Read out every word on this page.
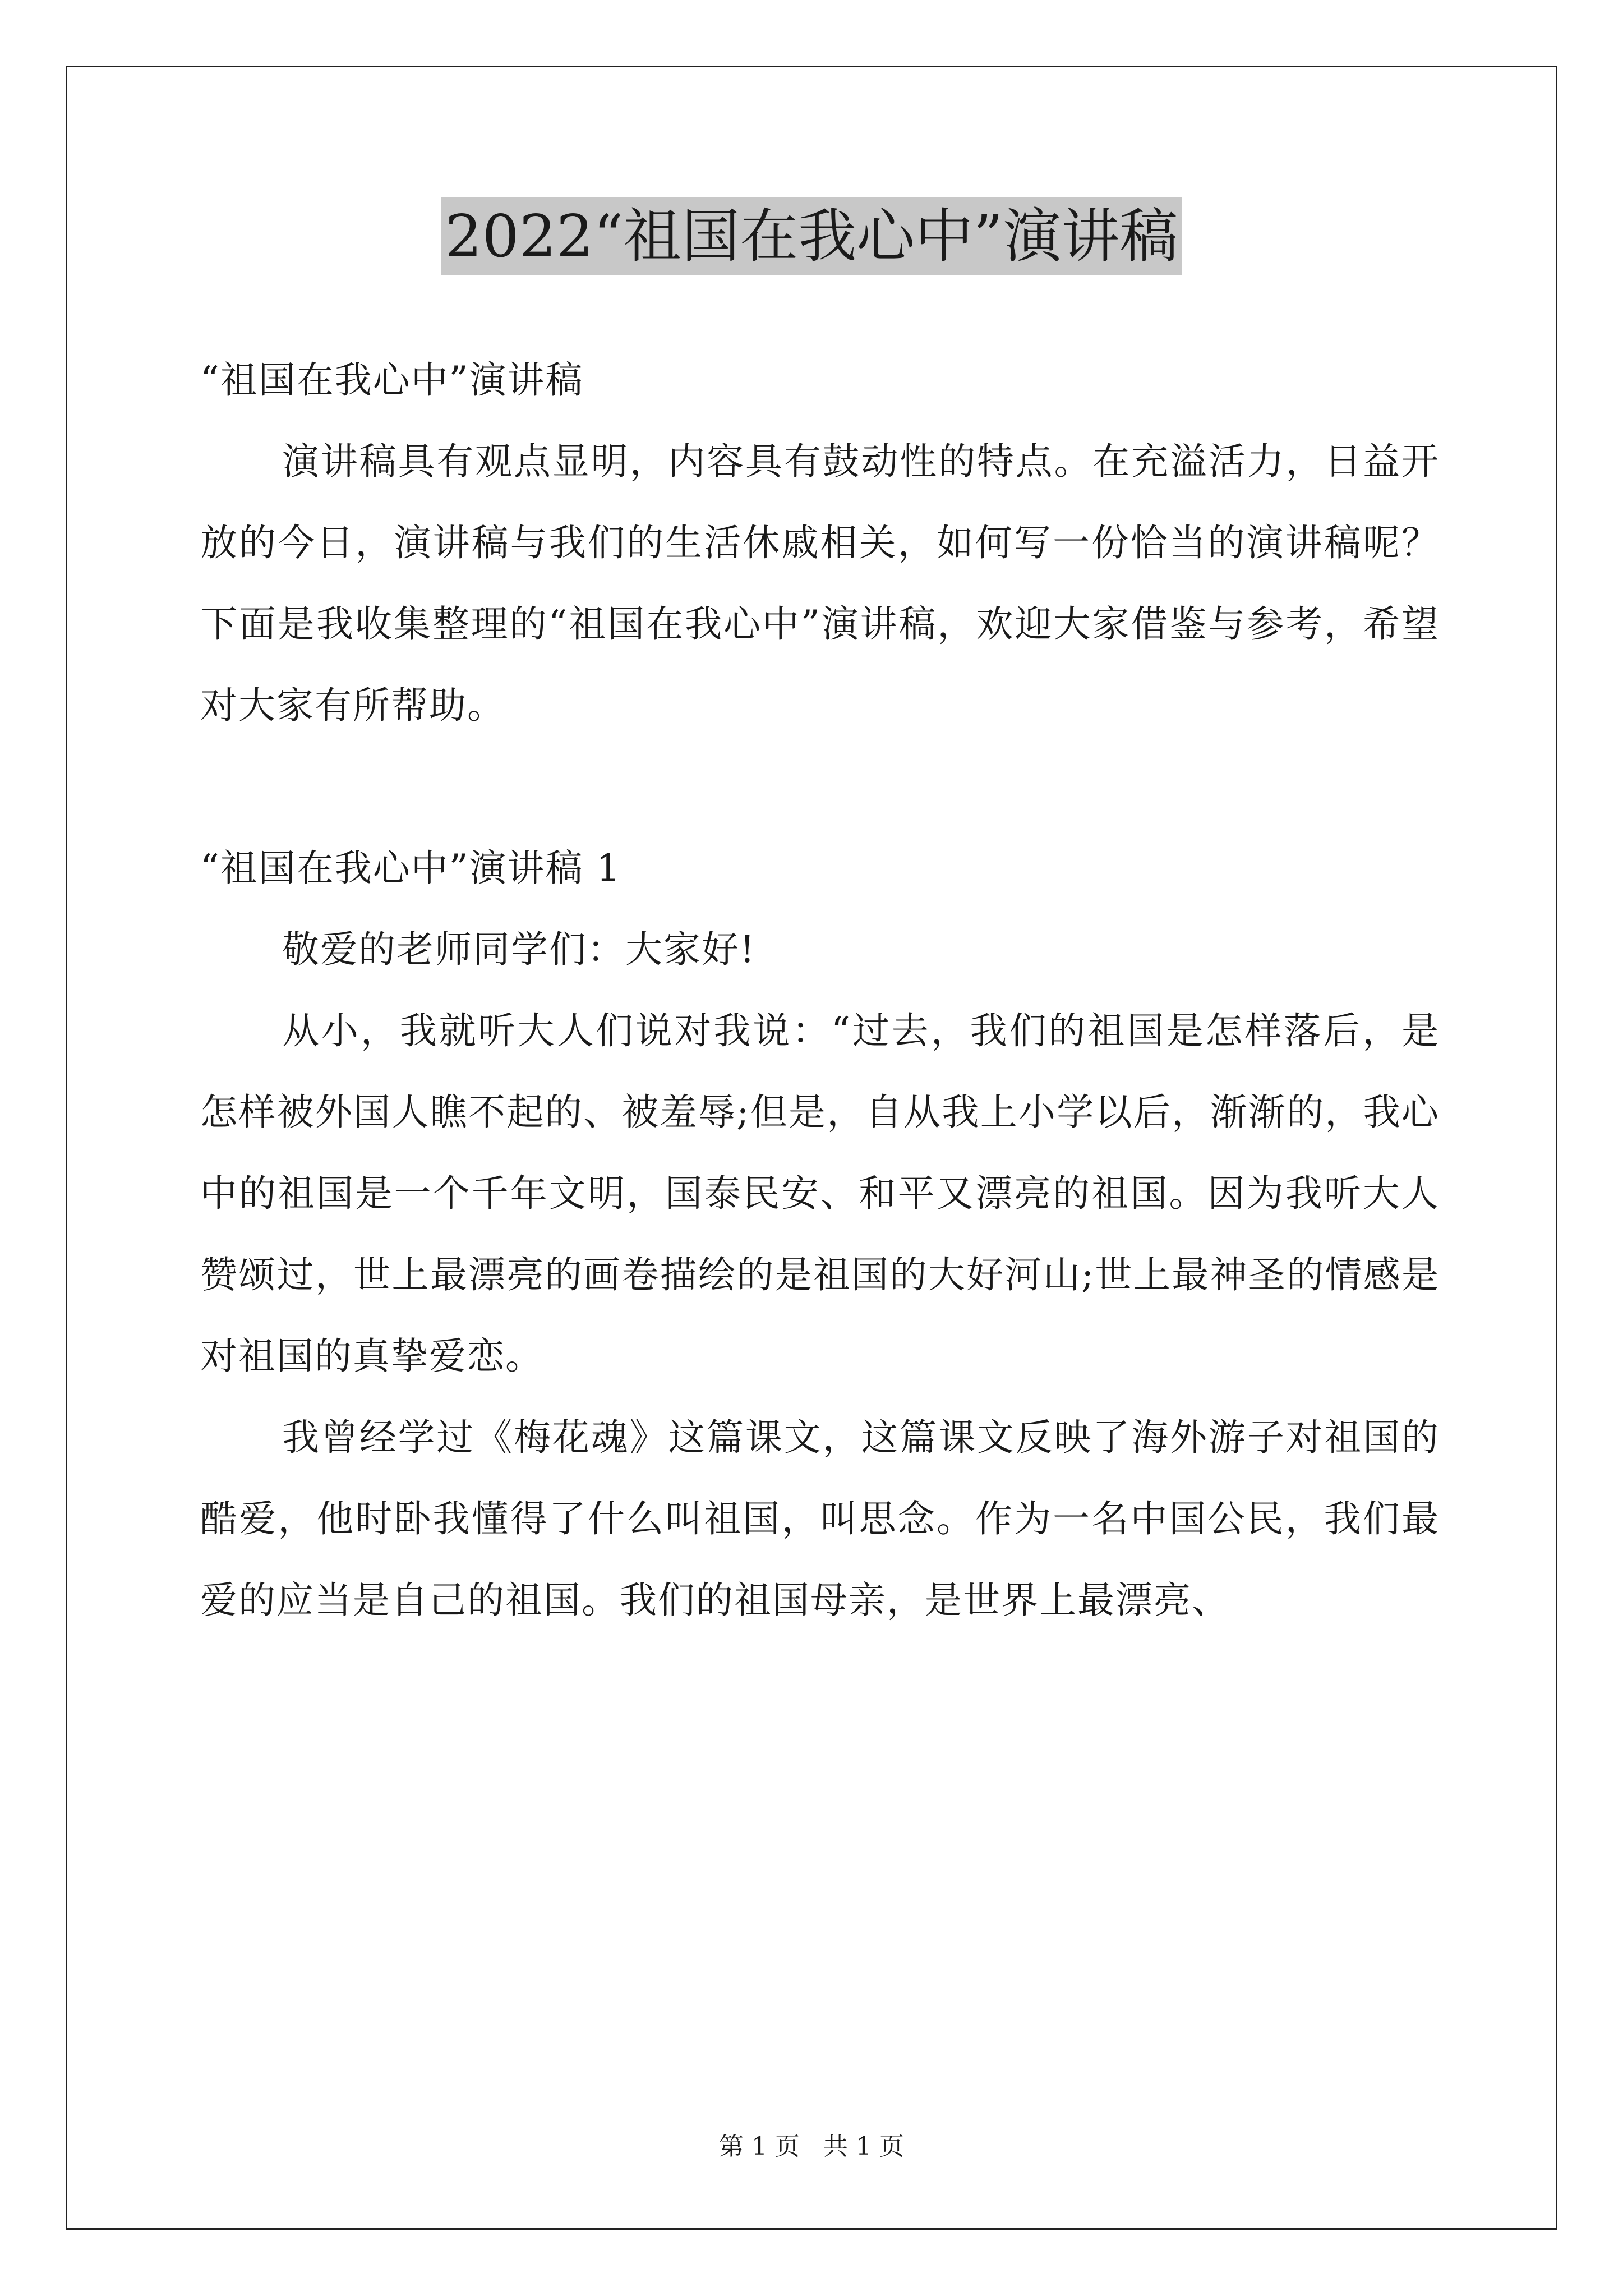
2022“祖国在我心中”演讲稿

“祖国在我心中”演讲稿

演讲稿具有观点显明，内容具有鼓动性的特点。在充溢活力，日益开放的今日，演讲稿与我们的生活休戚相关，如何写一份恰当的演讲稿呢？下面是我收集整理的“祖国在我心中”演讲稿，欢迎大家借鉴与参考，希望对大家有所帮助。

“祖国在我心中”演讲稿 1

敬爱的老师同学们：大家好!

从小，我就听大人们说对我说：“过去，我们的祖国是怎样落后，是怎样被外国人瞧不起的、被羞辱;但是，自从我上小学以后，渐渐的，我心中的祖国是一个千年文明，国泰民安、和平又漂亮的祖国。因为我听大人赞颂过，世上最漂亮的画卷描绘的是祖国的大好河山;世上最神圣的情感是对祖国的真挚爱恋。

我曾经学过《梅花魂》这篇课文，这篇课文反映了海外游子对祖国的酷爱，他时卧我懂得了什么叫祖国，叫思念。作为一名中国公民，我们最爱的应当是自己的祖国。我们的祖国母亲，是世界上最漂亮、

第 1 页   共 1 页
